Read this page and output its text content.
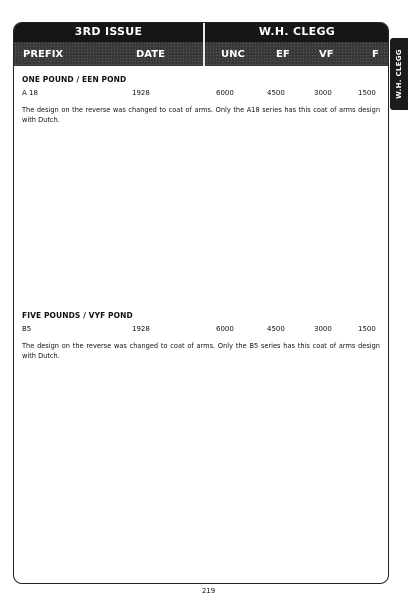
3RD ISSUE	W.H. CLEGG
PREFIX	DATE	UNC	EF	VF	F
ONE POUND / EEN POND
A 18	1928	6000	4500	3000	1500

The design on the reverse was changed to coat of arms. Only the A18 series has this coat of arms design with Dutch.

FIVE POUNDS / VYF POND
B5	1928	6000	4500	3000	1500

The design on the reverse was changed to coat of arms. Only the B5 series has this coat of arms design with Dutch.

W.H. CLEGG
219
